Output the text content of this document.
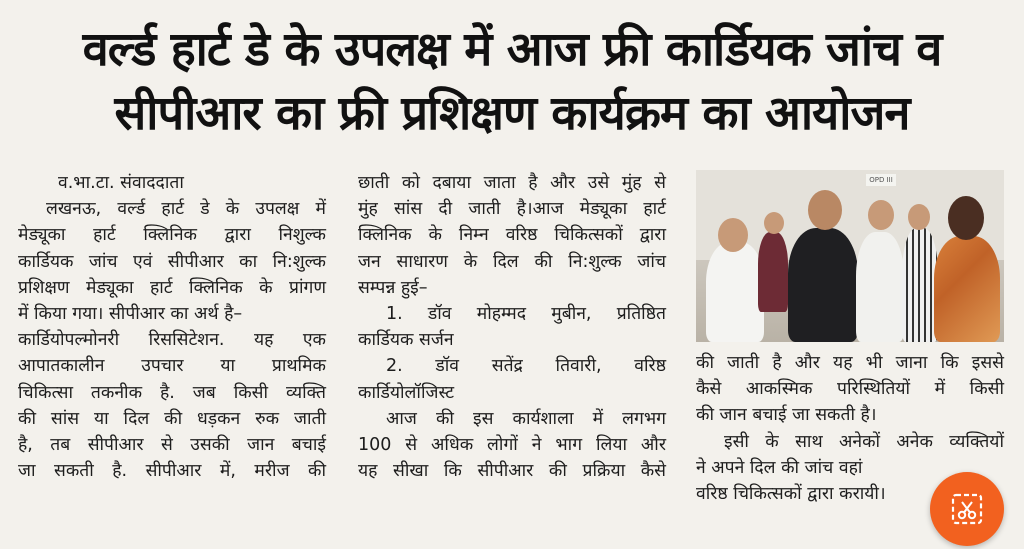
वर्ल्ड हार्ट डे के उपलक्ष में आज फ्री कार्डियक जांच व
सीपीआर का फ्री प्रशिक्षण कार्यक्रम का आयोजन

व.भा.टा. संवाददाता

लखनऊ, वर्ल्ड हार्ट डे के उपलक्ष में

मेड्यूका हार्ट क्लिनिक द्वारा निशुल्क

कार्डियक जांच एवं सीपीआर का नि:शुल्क

प्रशिक्षण मेड्यूका हार्ट क्लिनिक के प्रांगण

में किया गया। सीपीआर का अर्थ है–

कार्डियोपल्मोनरी रिससिटेशन. यह एक

आपातकालीन उपचार या प्राथमिक

चिकित्सा तकनीक है. जब किसी व्यक्ति

की सांस या दिल की धड़कन रुक जाती

है, तब सीपीआर से उसकी जान बचाई

जा सकती है. सीपीआर में, मरीज की

छाती को दबाया जाता है और उसे मुंह से

मुंह सांस दी जाती है।आज मेड्यूका हार्ट

क्लिनिक के निम्न वरिष्ठ चिकित्सकों द्वारा

जन साधारण के दिल की नि:शुल्क जांच

सम्पन्न हुई–

1. डॉव मोहम्मद मुबीन, प्रतिष्ठित

कार्डियक सर्जन

2. डॉव सतेंद्र तिवारी, वरिष्ठ

कार्डियोलॉजिस्ट

आज की इस कार्यशाला में लगभग

100 से अधिक लोगों ने भाग लिया और

यह सीखा कि सीपीआर की प्रक्रिया कैसे

OPD III

की जाती है और यह भी जाना कि इससे

कैसे आकस्मिक परिस्थितियों में किसी

की जान बचाई जा सकती है।

इसी के साथ अनेकों अनेक व्यक्तियों

ने अपने दिल की जांच वहां

वरिष्ठ चिकित्सकों द्वारा करायी।
